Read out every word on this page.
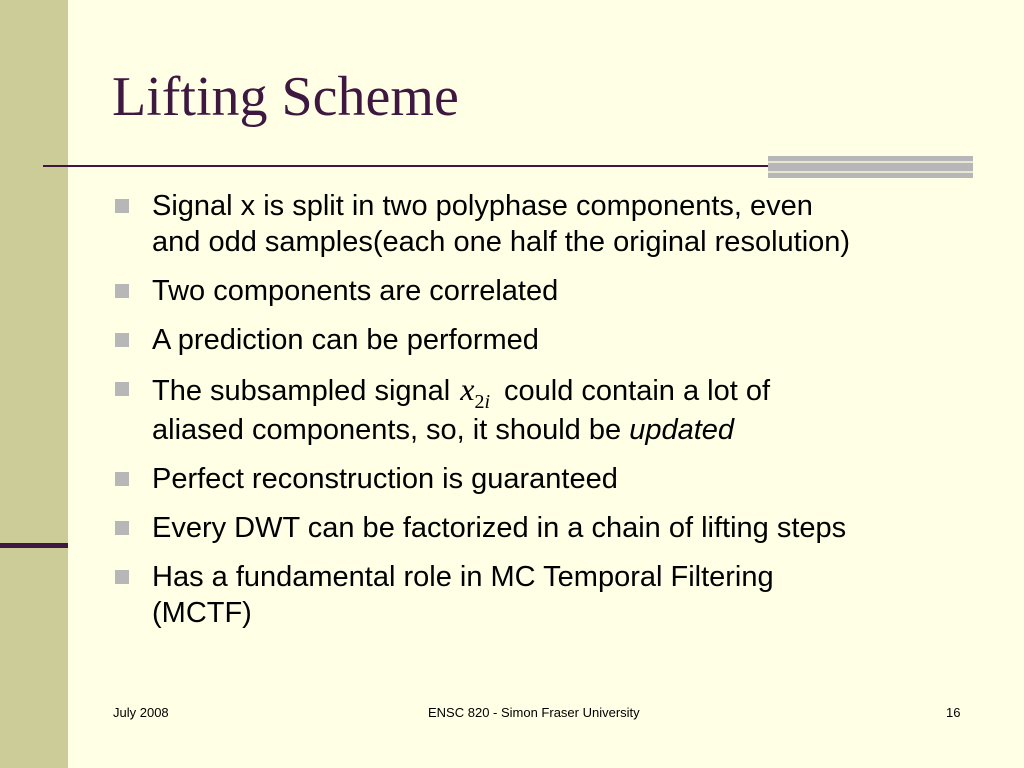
Lifting Scheme
Signal x is split in two polyphase components, even
and odd samples(each one half the original resolution)
Two components are correlated
A prediction can be performed
The subsampled signal $x_{2i}$ could contain a lot of
aliased components, so, it should be updated
Perfect reconstruction is guaranteed
Every DWT can be factorized in a chain of lifting steps
Has a fundamental role in MC Temporal Filtering
(MCTF)
July 2008	ENSC 820 - Simon Fraser University	16
